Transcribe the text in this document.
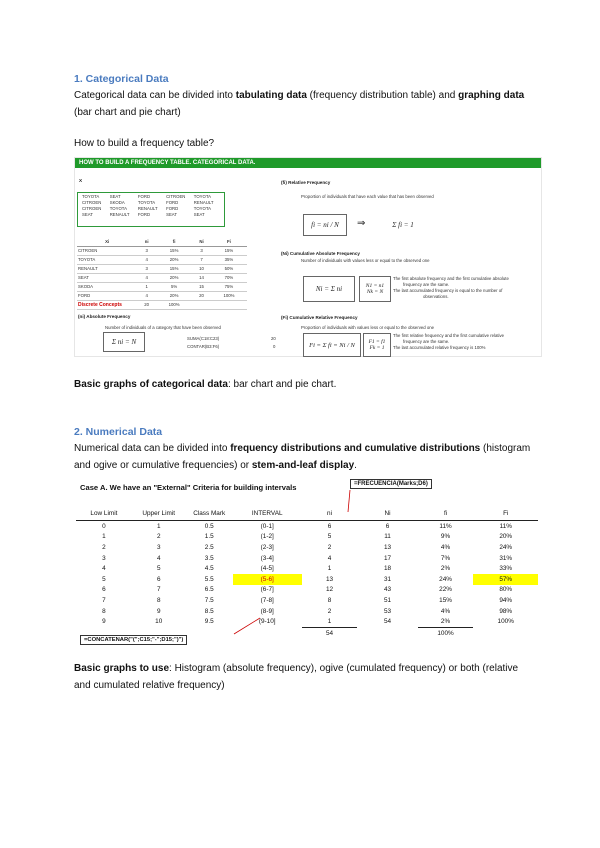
1. Categorical Data
Categorical data can be divided into tabulating data (frequency distribution table) and graphing data (bar chart and pie chart)
How to build a frequency table?
HOW TO BUILD A FREQUENCY TABLE. CATEGORICAL DATA.
X
TOYOTA	SEAT	FORD	CITROEN	TOYOTA
CITROEN	SKODA	TOYOTA	FORD	RENAULT
CITROEN	TOYOTA	RENAULT	FORD	TOYOTA
SEAT	RENAULT	FORD	SEAT	SEAT
Xi	ni	fi	Ni	Fi
CITROEN	3	15%	3	15%
TOYOTA	4	20%	7	35%
RENAULT	3	15%	10	50%
SEAT	4	20%	14	70%
SKODA	1	5%	15	75%
FORD	4	20%	20	100%
	20	100%		
Discrete Concepts
(ni) Absolute Frequency
Number of individuals of a category that have been observed
Σ ni = N	SUMA(C18:C23)	20
CONTAR(B3:F6)	0
(fi) Relative Frequency
Proportion of individuals that have each value that has been observed
fi = ni / N	⇒	Σ fi = 1
(Ni) Cumulative Absolute Frequency
Number of individuals with values less or equal to the observed one
Ni = Σ ni	N1 = n1
Nk = N
The first absolute frequency and the first cumulative absolute
frequency are the same.
The last accumulated frequency is equal to the number of
observations.
(Fi) Cumulative Relative Frequency
Proportion of individuals with values less or equal to the observed one
Fi = Σ fi = Ni / N	F1 = f1
Fk = 1
The first relative frequency and the first cumulative relative
frequency are the same.
The last accumulated relative frequency is 100%
Basic graphs of categorical data: bar chart and pie chart.
2. Numerical Data
Numerical data can be divided into frequency distributions and cumulative distributions (histogram and ogive or cumulative frequencies) or stem-and-leaf display.
Case A. We have an "External" Criteria for building intervals	=FRECUENCIA(Marks;D6)
Low Limit	Upper Limit	Class Mark	INTERVAL	ni	Ni	fi	Fi
0	1	0.5	(0-1]	6	6	11%	11%
1	2	1.5	(1-2]	5	11	9%	20%
2	3	2.5	(2-3]	2	13	4%	24%
3	4	3.5	(3-4]	4	17	7%	31%
4	5	4.5	(4-5]	1	18	2%	33%
5	6	5.5	(5-6]	13	31	24%	57%
6	7	6.5	(6-7]	12	43	22%	80%
7	8	7.5	(7-8]	8	51	15%	94%
8	9	8.5	(8-9]	2	53	4%	98%
9	10	9.5	(9-10]	1	54	2%	100%
				54		100%	
=CONCATENAR("(";C15;"-";D15;")")
Basic graphs to use: Histogram (absolute frequency), ogive (cumulated frequency) or both (relative and cumulated relative frequency)
